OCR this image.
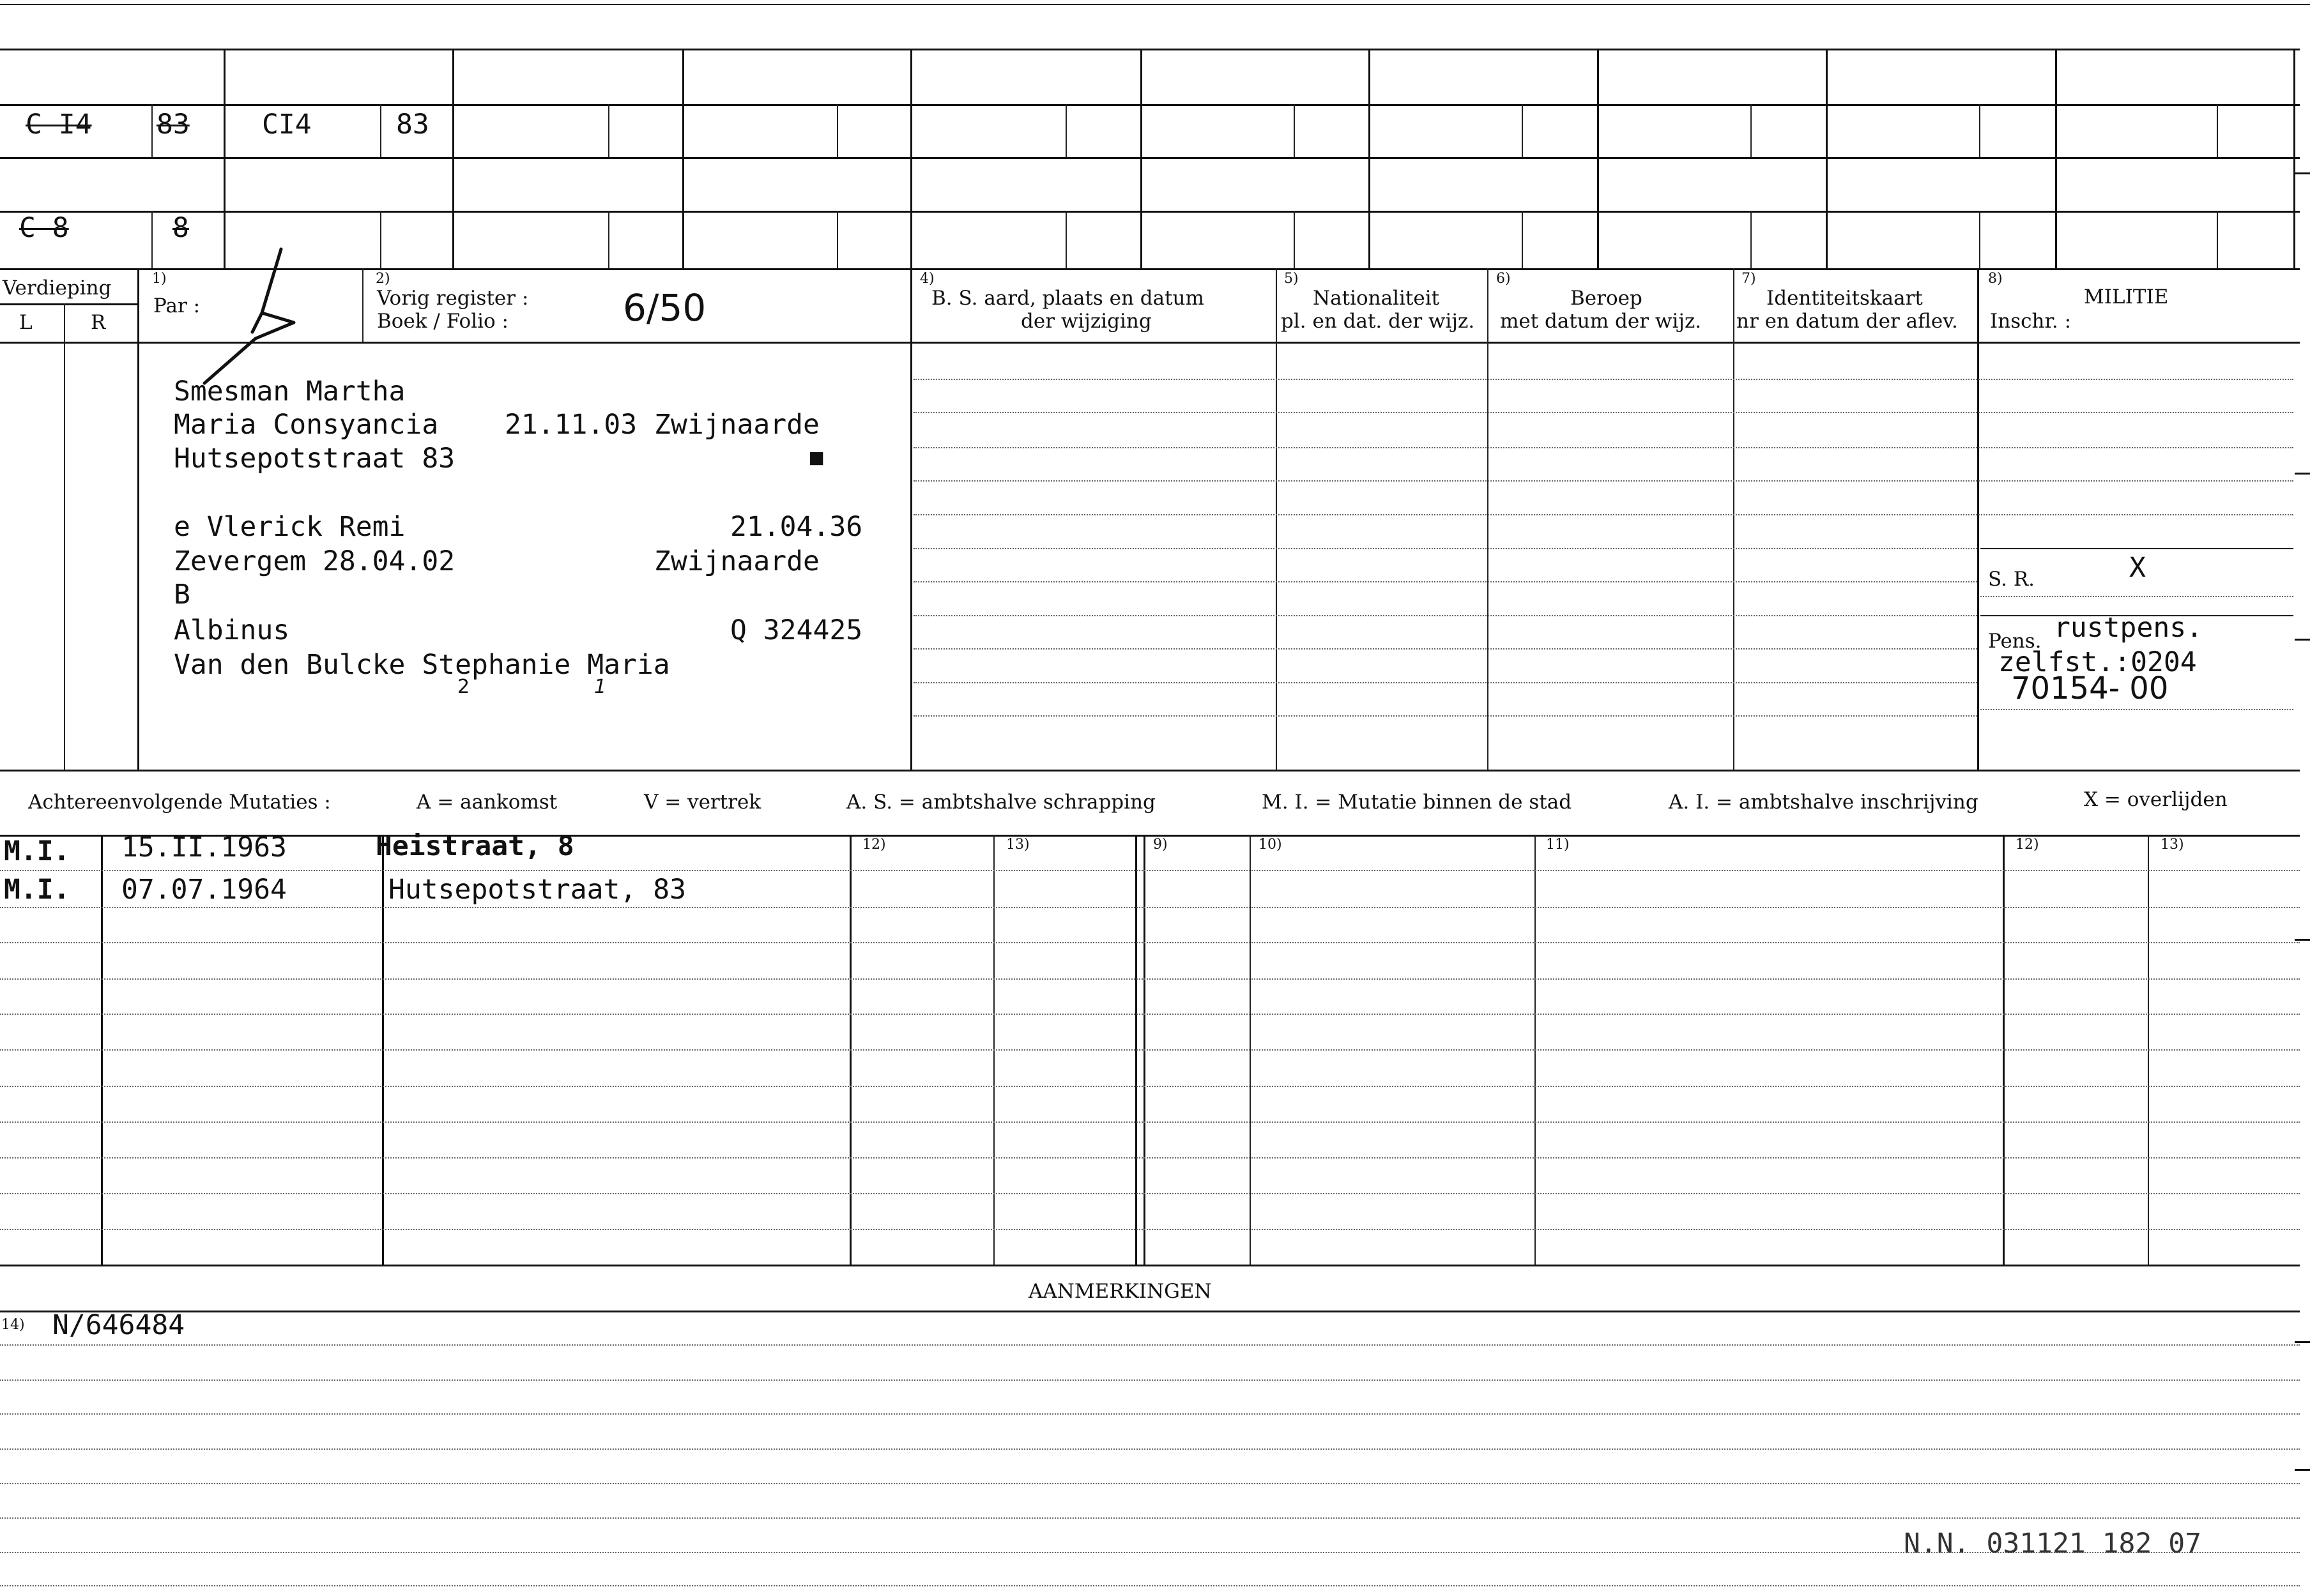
C I4 83	CI4	83
C 8	8
Verdieping
L	R
1)
Par :
2)
Vorig register :
Boek / Folio :	6/50
4)
B. S. aard, plaats en datum
der wijziging
5)
Nationaliteit
pl. en dat. der wijz.
6)
Beroep
met datum der wijz.
7)
Identiteitskaart
nr en datum der aflev.
8)
MILITIE
Inschr. :
Smesman Martha
Maria Consyancia 21.11.03 Zwijnaarde
Hutsepotstraat 83	■
e Vlerick Remi	21.04.36
Zevergem 28.04.02	Zwijnaarde
B
Albinus	Q 324425
Van den Bulcke Stephanie Maria
2	1
S. R.	X
Pens. rustpens.
zelfst.:0204
70154- 00
Achtereenvolgende Mutaties :	A = aankomst	V = vertrek	A. S. = ambtshalve schrapping	M. I. = Mutatie binnen de stad	A. I. = ambtshalve inschrijving	X = overlijden
12)	13)	9)	10)	11)	12)	13)
M.I. 15.II.1963	Heistraat, 8
M.I. 07.07.1964	Hutsepotstraat, 83
AANMERKINGEN
14) N/646484
N.N. 031121 182 07
